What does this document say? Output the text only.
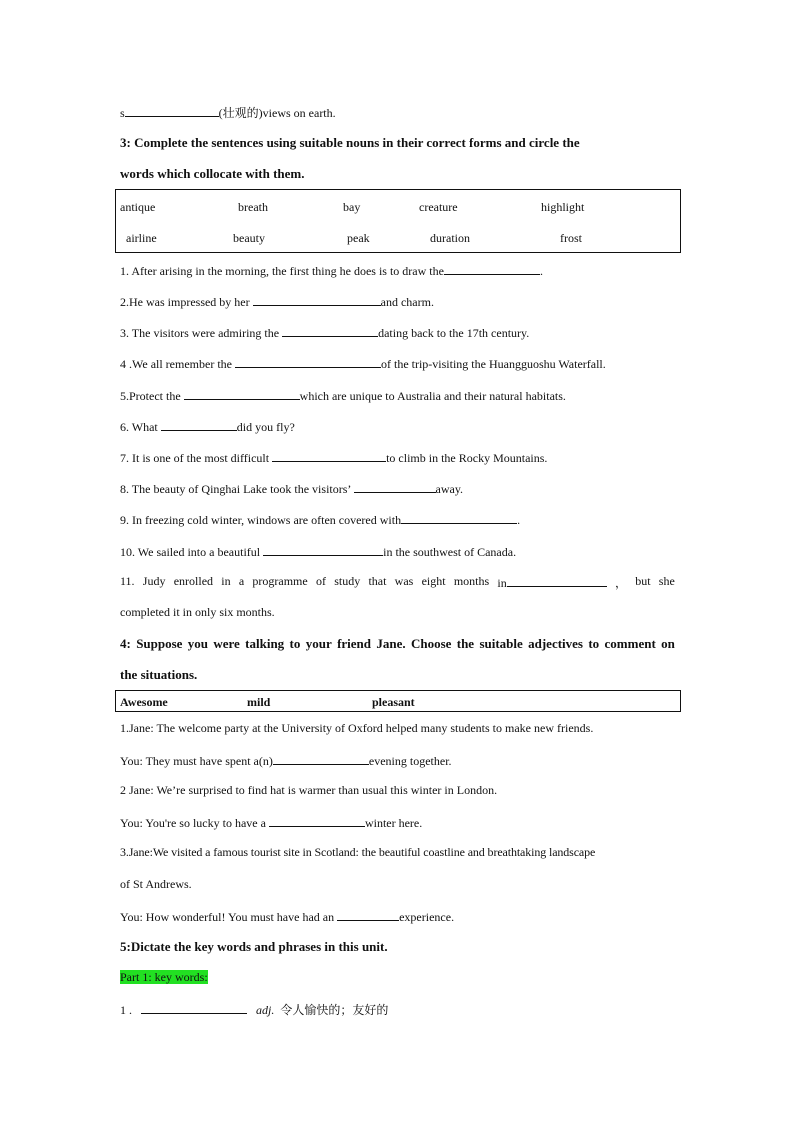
s	(壮观的)views on earth.
3: Complete the sentences using suitable nouns in their correct forms and circle the
words which collocate with them.
antique	breath	bay	creature	highlight
airline	beauty	peak	duration	frost
1. After arising in the morning, the first thing he does is to draw the	.
2.He was impressed by her	and charm.
3. The visitors were admiring the	dating back to the 17th century.
4 .We all remember the	of the trip-visiting the Huangguoshu Waterfall.
5.Protect the	which are unique to Australia and their natural habitats.
6. What	did you fly?
7. It is one of the most difficult	to climb in the Rocky Mountains.
8. The beauty of Qinghai Lake took the visitors’	away.
9. In freezing cold winter, windows are often covered with	.
10. We sailed into a beautiful	in the southwest of Canada.
11. Judy enrolled in a programme of study that was eight months in	， but she
completed it in only six months.
4: Suppose you were talking to your friend Jane. Choose the suitable adjectives to comment on
the situations.
Awesome	mild	pleasant
1.Jane: The welcome party at the University of Oxford helped many students to make new friends.
You: They must have spent a(n)	evening together.
2 Jane: We’re surprised to find hat is warmer than usual this winter in London.
You: You're so lucky to have a	winter here.
3.Jane:We visited a famous tourist site in Scotland: the beautiful coastline and breathtaking landscape
of St Andrews.
You: How wonderful! You must have had an	experience.
5:Dictate the key words and phrases in this unit.
Part 1: key words:
1 .	adj. 令人愉快的；友好的
